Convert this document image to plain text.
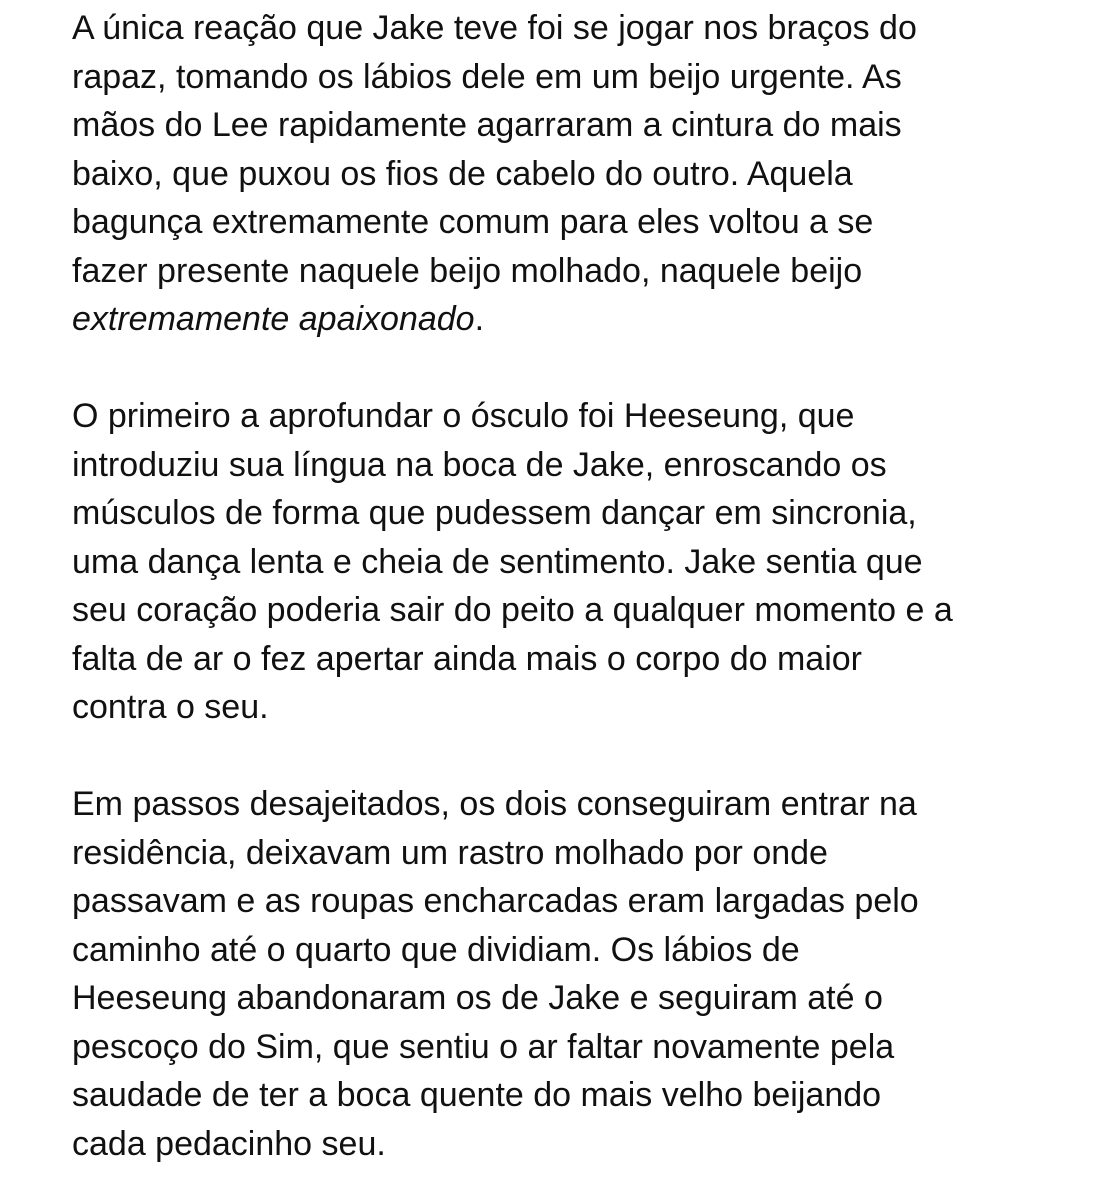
A única reação que Jake teve foi se jogar nos braços do
rapaz, tomando os lábios dele em um beijo urgente. As
mãos do Lee rapidamente agarraram a cintura do mais
baixo, que puxou os fios de cabelo do outro. Aquela
bagunça extremamente comum para eles voltou a se
fazer presente naquele beijo molhado, naquele beijo
extremamente apaixonado.

O primeiro a aprofundar o ósculo foi Heeseung, que
introduziu sua língua na boca de Jake, enroscando os
músculos de forma que pudessem dançar em sincronia,
uma dança lenta e cheia de sentimento. Jake sentia que
seu coração poderia sair do peito a qualquer momento e a
falta de ar o fez apertar ainda mais o corpo do maior
contra o seu.

Em passos desajeitados, os dois conseguiram entrar na
residência, deixavam um rastro molhado por onde
passavam e as roupas encharcadas eram largadas pelo
caminho até o quarto que dividiam. Os lábios de
Heeseung abandonaram os de Jake e seguiram até o
pescoço do Sim, que sentiu o ar faltar novamente pela
saudade de ter a boca quente do mais velho beijando
cada pedacinho seu.
